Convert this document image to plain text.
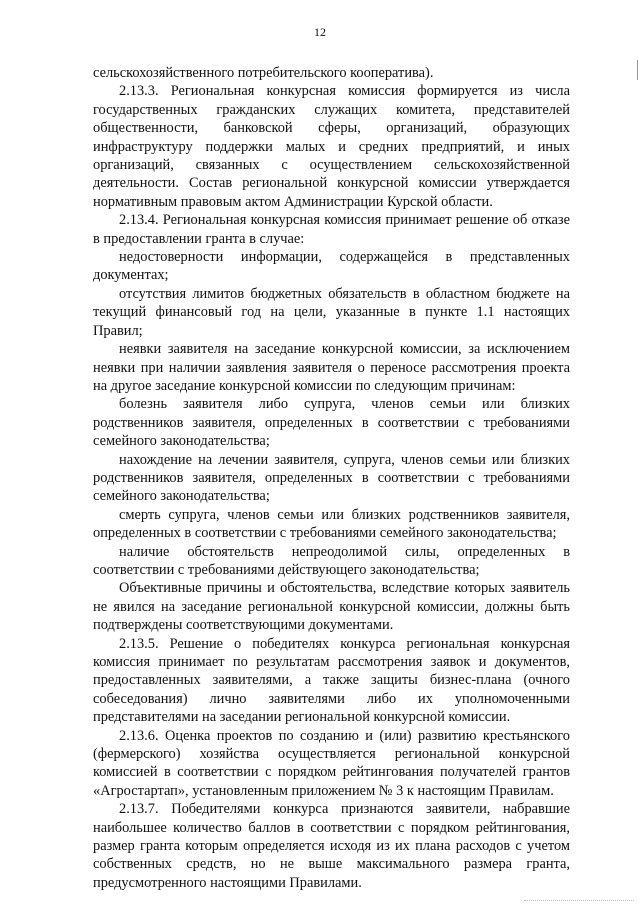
12

сельскохозяйственного потребительского кооператива).

2.13.3. Региональная конкурсная комиссия формируется из числа государственных гражданских служащих комитета, представителей общественности, банковской сферы, организаций, образующих инфраструктуру поддержки малых и средних предприятий, и иных организаций, связанных с осуществлением сельскохозяйственной деятельности. Состав региональной конкурсной комиссии утверждается нормативным правовым актом Администрации Курской области.

2.13.4. Региональная конкурсная комиссия принимает решение об отказе в предоставлении гранта в случае:

недостоверности информации, содержащейся в представленных документах;

отсутствия лимитов бюджетных обязательств в областном бюджете на текущий финансовый год на цели, указанные в пункте 1.1 настоящих Правил;

неявки заявителя на заседание конкурсной комиссии, за исключением неявки при наличии заявления заявителя о переносе рассмотрения проекта на другое заседание конкурсной комиссии по следующим причинам:

болезнь заявителя либо супруга, членов семьи или близких родственников заявителя, определенных в соответствии с требованиями семейного законодательства;

нахождение на лечении заявителя, супруга, членов семьи или близких родственников заявителя, определенных в соответствии с требованиями семейного законодательства;

смерть супруга, членов семьи или близких родственников заявителя, определенных в соответствии с требованиями семейного законодательства;

наличие обстоятельств непреодолимой силы, определенных в соответствии с требованиями действующего законодательства;

Объективные причины и обстоятельства, вследствие которых заявитель не явился на заседание региональной конкурсной комиссии, должны быть подтверждены соответствующими документами.

2.13.5. Решение о победителях конкурса региональная конкурсная комиссия принимает по результатам рассмотрения заявок и документов, предоставленных заявителями, а также защиты бизнес-плана (очного собеседования) лично заявителями либо их уполномоченными представителями на заседании региональной конкурсной комиссии.

2.13.6. Оценка проектов по созданию и (или) развитию крестьянского (фермерского) хозяйства осуществляется региональной конкурсной комиссией в соответствии с порядком рейтингования получателей грантов «Агростартап», установленным приложением № 3 к настоящим Правилам.

2.13.7. Победителями конкурса признаются заявители, набравшие наибольшее количество баллов в соответствии с порядком рейтингования, размер гранта которым определяется исходя из их плана расходов с учетом собственных средств, но не выше максимального размера гранта, предусмотренного настоящими Правилами.
